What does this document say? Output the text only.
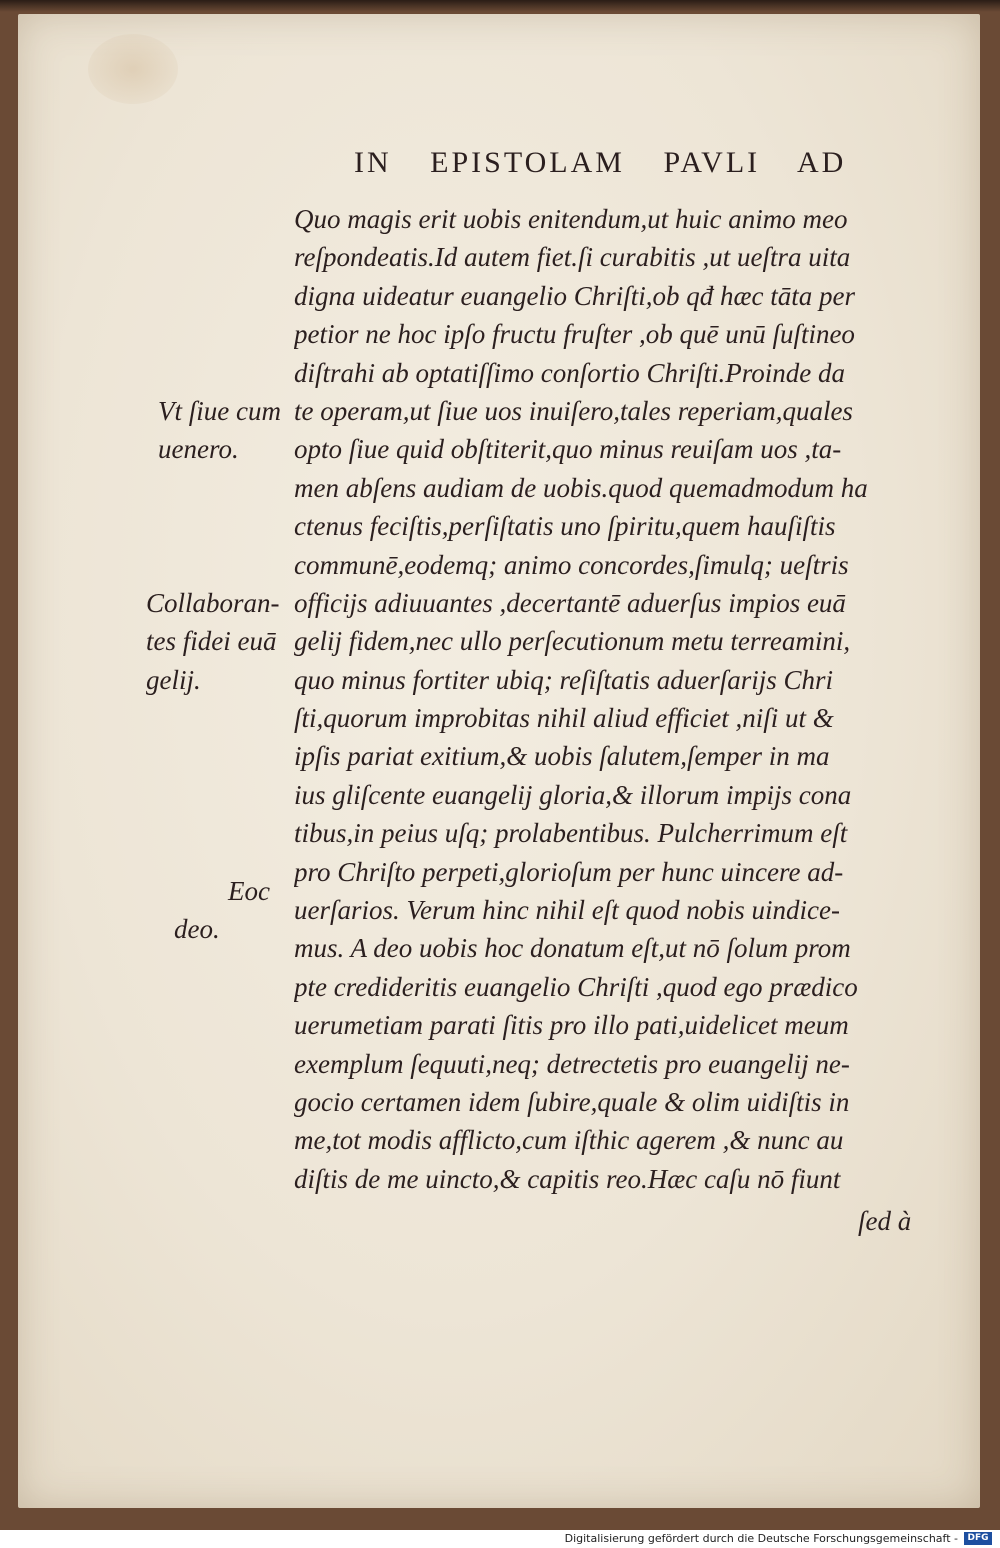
IN EPISTOLAM PAVLI AD
Quo magis erit uobis enitendum,ut huic animo meo
reſpondeatis.Id autem fiet.ſi curabitis ,ut ueſtra uita
digna uideatur euangelio Chriſti,ob qđ hæc tāta per
petior ne hoc ipſo fructu fruſter ,ob quē unū ſuſtineo
diſtrahi ab optatiſſimo conſortio Chriſti.Proinde da
te operam,ut ſiue uos inuiſero,tales reperiam,quales
opto ſiue quid obſtiterit,quo minus reuiſam uos ,ta-
men abſens audiam de uobis.quod quemadmodum ha
ctenus feciſtis,perſiſtatis uno ſpiritu,quem hauſiſtis
communē,eodemq; animo concordes,ſimulq; ueſtris
officijs adiuuantes ,decertantē aduerſus impios euā
gelij fidem,nec ullo perſecutionum metu terreamini,
quo minus fortiter ubiq; reſiſtatis aduerſarijs Chri
ſti,quorum improbitas nihil aliud efficiet ,niſi ut &
ipſis pariat exitium,& uobis ſalutem,ſemper in ma
ius gliſcente euangelij gloria,& illorum impijs cona
tibus,in peius uſq; prolabentibus. Pulcherrimum eſt
pro Chriſto perpeti,glorioſum per hunc uincere ad-
uerſarios. Verum hinc nihil eſt quod nobis uindice-
mus. A deo uobis hoc donatum eſt,ut nō ſolum prom
pte credideritis euangelio Chriſti ,quod ego prædico
uerumetiam parati ſitis pro illo pati,uidelicet meum
exemplum ſequuti,neq; detrectetis pro euangelij ne-
gocio certamen idem ſubire,quale & olim uidiſtis in
me,tot modis afflicto,cum iſthic agerem ,& nunc au
diſtis de me uincto,& capitis reo.Hæc caſu nō fiunt
Vt ſiue cum
uenero.
Collaboran-
tes fidei euā
gelij.
Eoc
deo.
ſed à
Digitalisierung gefördert durch die Deutsche Forschungsgemeinschaft -	DFG
